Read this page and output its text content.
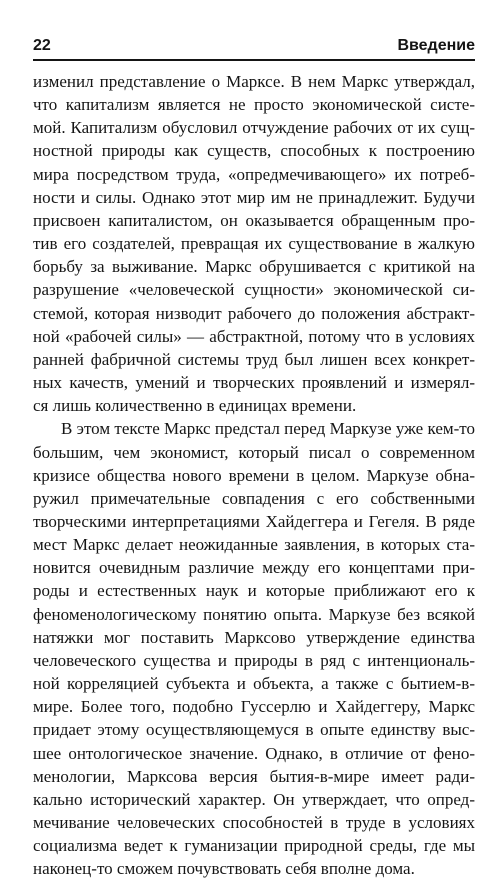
22	Введение

изменил представление о Марксе. В нем Маркс утверждал,
что капитализм является не просто экономической систе-
мой. Капитализм обусловил отчуждение рабочих от их сущ-
ностной природы как существ, способных к построению
мира посредством труда, «опредмечивающего» их потреб-
ности и силы. Однако этот мир им не принадлежит. Будучи
присвоен капиталистом, он оказывается обращенным про-
тив его создателей, превращая их существование в жалкую
борьбу за выживание. Маркс обрушивается с критикой на
разрушение «человеческой сущности» экономической си-
стемой, которая низводит рабочего до положения абстракт-
ной «рабочей силы» — абстрактной, потому что в условиях
ранней фабричной системы труд был лишен всех конкрет-
ных качеств, умений и творческих проявлений и измерял-
ся лишь количественно в единицах времени.

В этом тексте Маркс предстал перед Маркузе уже кем-то
большим, чем экономист, который писал о современном
кризисе общества нового времени в целом. Маркузе обна-
ружил примечательные совпадения с его собственными
творческими интерпретациями Хайдеггера и Гегеля. В ряде
мест Маркс делает неожиданные заявления, в которых ста-
новится очевидным различие между его концептами при-
роды и естественных наук и которые приближают его к
феноменологическому понятию опыта. Маркузе без всякой
натяжки мог поставить Марксово утверждение единства
человеческого существа и природы в ряд с интенциональ-
ной корреляцией субъекта и объекта, а также с бытием-в-
мире. Более того, подобно Гуссерлю и Хайдеггеру, Маркс
придает этому осуществляющемуся в опыте единству выс-
шее онтологическое значение. Однако, в отличие от фено-
менологии, Марксова версия бытия-в-мире имеет ради-
кально исторический характер. Он утверждает, что опред-
мечивание человеческих способностей в труде в условиях
социализма ведет к гуманизации природной среды, где мы
наконец-то сможем почувствовать себя вполне дома.
